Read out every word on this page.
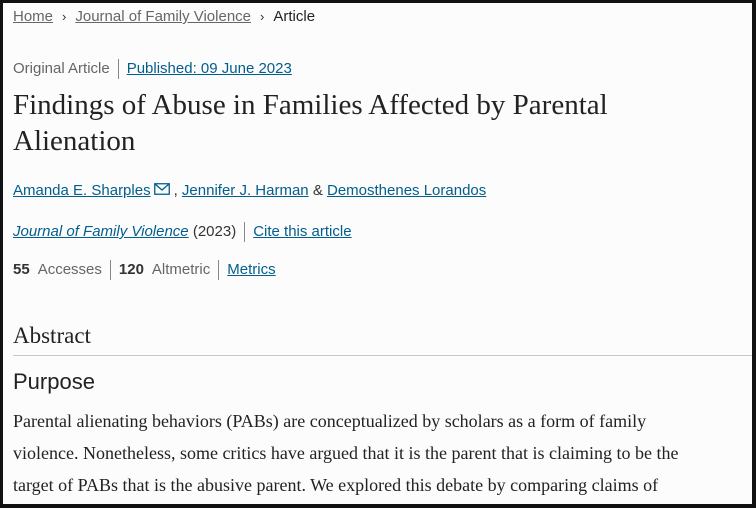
Home › Journal of Family Violence › Article
Original Article Published: 09 June 2023
Findings of Abuse in Families Affected by Parental Alienation
Amanda E. Sharples ,
Jennifer J. Harman
&
Demosthenes Lorandos
Journal of Family Violence
(2023) Cite this article
55 Accesses 120 Altmetric Metrics
Abstract
Purpose

Parental alienating behaviors (PABs) are conceptualized by scholars as a form of family
violence. Nonetheless, some critics have argued that it is the parent that is claiming to be the
target of PABs that is the abusive parent. We explored this debate by comparing claims of
